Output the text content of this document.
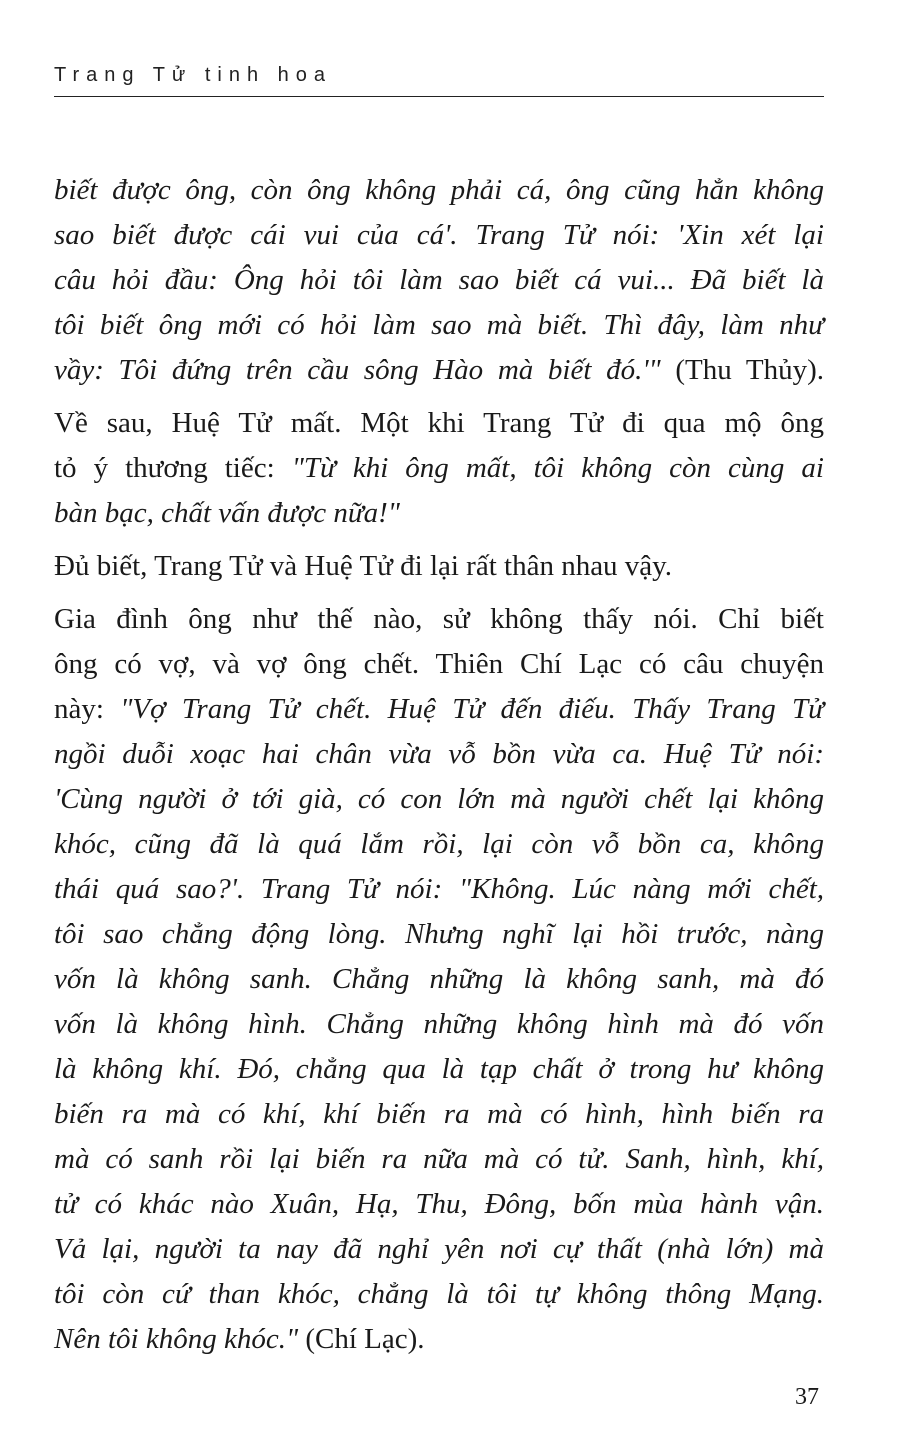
Trang Tử tinh hoa
biết được ông, còn ông không phải cá, ông cũng hẳn không
sao biết được cái vui của cá'. Trang Tử nói: 'Xin xét lại
câu hỏi đầu: Ông hỏi tôi làm sao biết cá vui... Đã biết là
tôi biết ông mới có hỏi làm sao mà biết. Thì đây, làm như
vầy: Tôi đứng trên cầu sông Hào mà biết đó.'" (Thu Thủy).
Về sau, Huệ Tử mất. Một khi Trang Tử đi qua mộ ông
tỏ ý thương tiếc: "Từ khi ông mất, tôi không còn cùng ai
bàn bạc, chất vấn được nữa!"
Đủ biết, Trang Tử và Huệ Tử đi lại rất thân nhau vậy.
Gia đình ông như thế nào, sử không thấy nói. Chỉ biết
ông có vợ, và vợ ông chết. Thiên Chí Lạc có câu chuyện
này: "Vợ Trang Tử chết. Huệ Tử đến điếu. Thấy Trang Tử
ngồi duỗi xoạc hai chân vừa vỗ bồn vừa ca. Huệ Tử nói:
'Cùng người ở tới già, có con lớn mà người chết lại không
khóc, cũng đã là quá lắm rồi, lại còn vỗ bồn ca, không
thái quá sao?'. Trang Tử nói: "Không. Lúc nàng mới chết,
tôi sao chẳng động lòng. Nhưng nghĩ lại hồi trước, nàng
vốn là không sanh. Chẳng những là không sanh, mà đó
vốn là không hình. Chẳng những không hình mà đó vốn
là không khí. Đó, chẳng qua là tạp chất ở trong hư không
biến ra mà có khí, khí biến ra mà có hình, hình biến ra
mà có sanh rồi lại biến ra nữa mà có tử. Sanh, hình, khí,
tử có khác nào Xuân, Hạ, Thu, Đông, bốn mùa hành vận.
Vả lại, người ta nay đã nghỉ yên nơi cự thất (nhà lớn) mà
tôi còn cứ than khóc, chẳng là tôi tự không thông Mạng.
Nên tôi không khóc." (Chí Lạc).
37
